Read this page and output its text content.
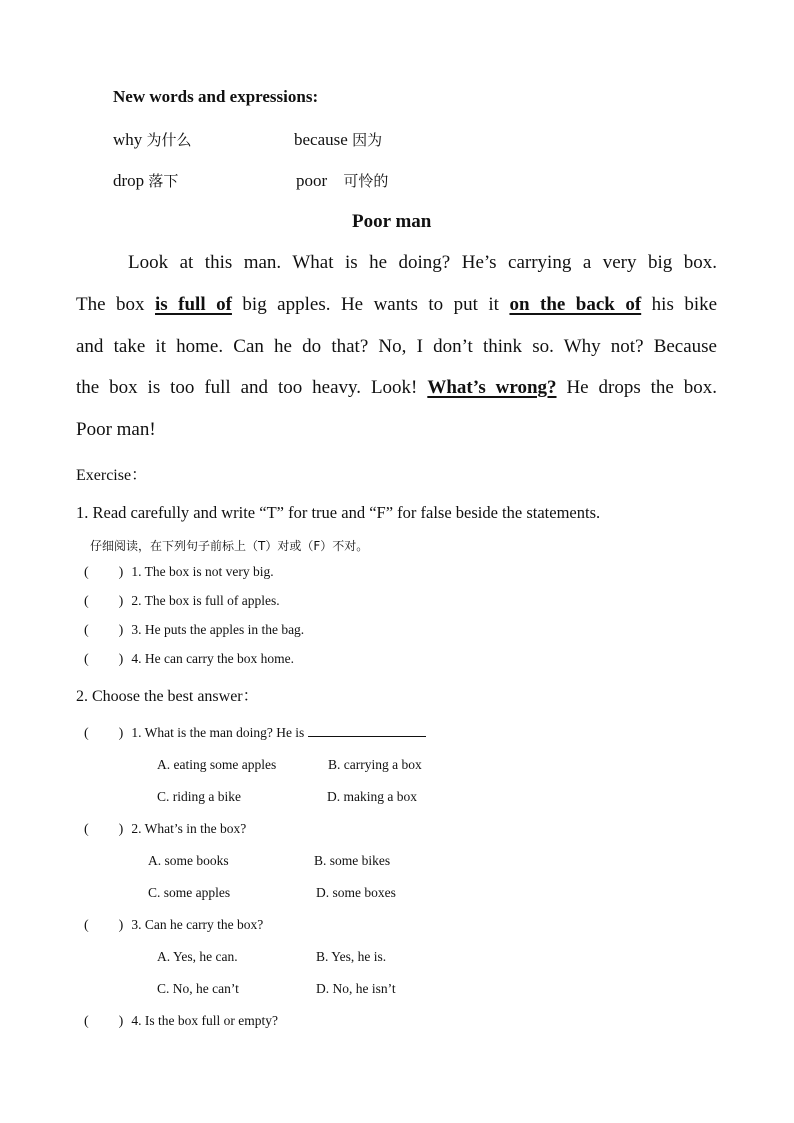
New words and expressions:
why 为什么	because 因为
drop 落下	poor 可怜的
Poor man
Look at this man. What is he doing? He’s carrying a very big box.
The box is full of big apples. He wants to put it on the back of his bike
and take it home. Can he do that? No, I don’t think so. Why not? Because
the box is too full and too heavy. Look! What’s wrong? He drops the box.
Poor man!
Exercise：
1. Read carefully and write “T” for true and “F” for false beside the statements.
仔细阅读，在下列句子前标上（T）对或（F）不对。
( ) 1. The box is not very big.
( ) 2. The box is full of apples.
( ) 3. He puts the apples in the bag.
( ) 4. He can carry the box home.
2. Choose the best answer：
( ) 1. What is the man doing? He is
A. eating some apples	B. carrying a box
C. riding a bike	D. making a box
( ) 2. What’s in the box?
A. some books	B. some bikes
C. some apples	D. some boxes
( ) 3. Can he carry the box?
A. Yes, he can.	B. Yes, he is.
C. No, he can’t	D. No, he isn’t
( ) 4. Is the box full or empty?
